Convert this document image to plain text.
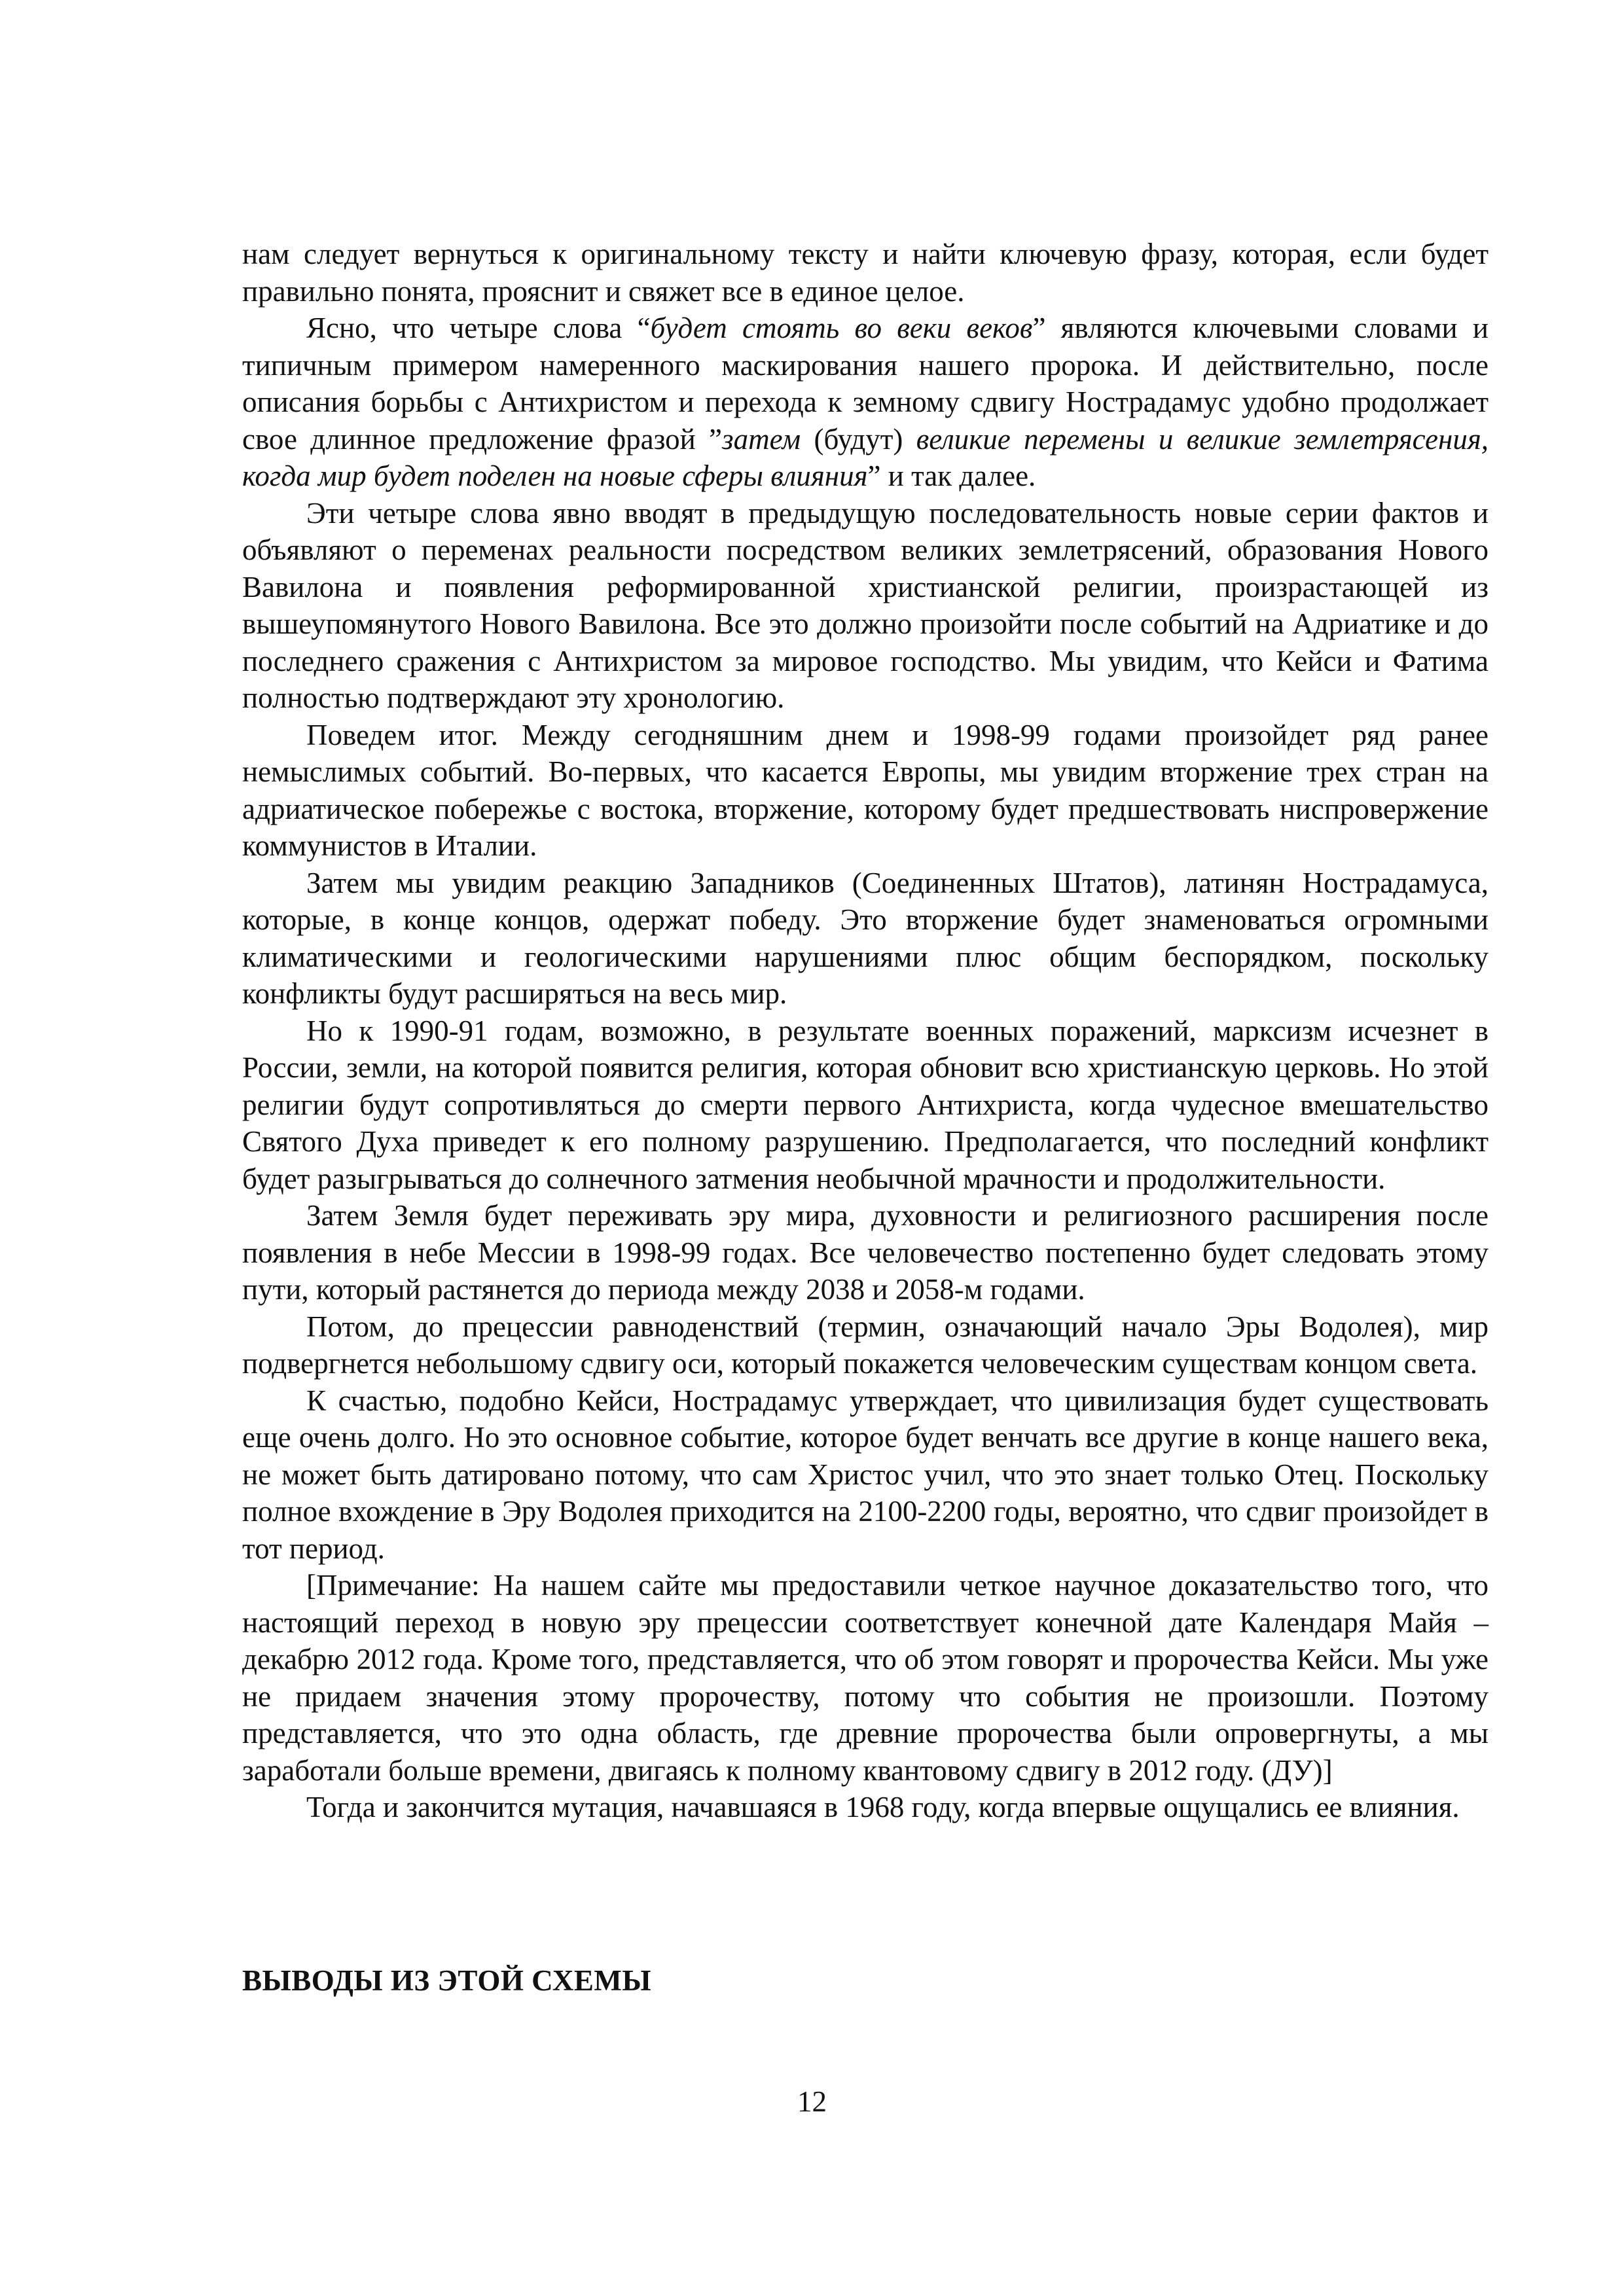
нам следует вернуться к оригинальному тексту и найти ключевую фразу, которая, если будет правильно понята, прояснит и свяжет все в единое целое.

Ясно, что четыре слова “будет стоять во веки веков” являются ключевыми словами и типичным примером намеренного маскирования нашего пророка. И действительно, после описания борьбы с Антихристом и перехода к земному сдвигу Нострадамус удобно продолжает свое длинное предложение фразой ”затем (будут) великие перемены и великие землетрясения, когда мир будет поделен на новые сферы влияния” и так далее.

Эти четыре слова явно вводят в предыдущую последовательность новые серии фактов и объявляют о переменах реальности посредством великих землетрясений, образования Нового Вавилона и появления реформированной христианской религии, произрастающей из вышеупомянутого Нового Вавилона. Все это должно произойти после событий на Адриатике и до последнего сражения с Антихристом за мировое господство. Мы увидим, что Кейси и Фатима полностью подтверждают эту хронологию.

Поведем итог. Между сегодняшним днем и 1998-99 годами произойдет ряд ранее немыслимых событий. Во-первых, что касается Европы, мы увидим вторжение трех стран на адриатическое побережье с востока, вторжение, которому будет предшествовать ниспровержение коммунистов в Италии.

Затем мы увидим реакцию Западников (Соединенных Штатов), латинян Нострадамуса, которые, в конце концов, одержат победу. Это вторжение будет знаменоваться огромными климатическими и геологическими нарушениями плюс общим беспорядком, поскольку конфликты будут расширяться на весь мир.

Но к 1990-91 годам, возможно, в результате военных поражений, марксизм исчезнет в России, земли, на которой появится религия, которая обновит всю христианскую церковь. Но этой религии будут сопротивляться до смерти первого Антихриста, когда чудесное вмешательство Святого Духа приведет к его полному разрушению. Предполагается, что последний конфликт будет разыгрываться до солнечного затмения необычной мрачности и продолжительности.

Затем Земля будет переживать эру мира, духовности и религиозного расширения после появления в небе Мессии в 1998-99 годах. Все человечество постепенно будет следовать этому пути, который растянется до периода между 2038 и 2058-м годами.

Потом, до прецессии равноденствий (термин, означающий начало Эры Водолея), мир подвергнется небольшому сдвигу оси, который покажется человеческим существам концом света.

К счастью, подобно Кейси, Нострадамус утверждает, что цивилизация будет существовать еще очень долго. Но это основное событие, которое будет венчать все другие в конце нашего века, не может быть датировано потому, что сам Христос учил, что это знает только Отец. Поскольку полное вхождение в Эру Водолея приходится на 2100-2200 годы, вероятно, что сдвиг произойдет в тот период.

[Примечание: На нашем сайте мы предоставили четкое научное доказательство того, что настоящий переход в новую эру прецессии соответствует конечной дате Календаря Майя – декабрю 2012 года. Кроме того, представляется, что об этом говорят и пророчества Кейси. Мы уже не придаем значения этому пророчеству, потому что события не произошли. Поэтому представляется, что это одна область, где древние пророчества были опровергнуты, а мы заработали больше времени, двигаясь к полному квантовому сдвигу в 2012 году. (ДУ)]

Тогда и закончится мутация, начавшаяся в 1968 году, когда впервые ощущались ее влияния.

ВЫВОДЫ ИЗ ЭТОЙ СХЕМЫ
12
